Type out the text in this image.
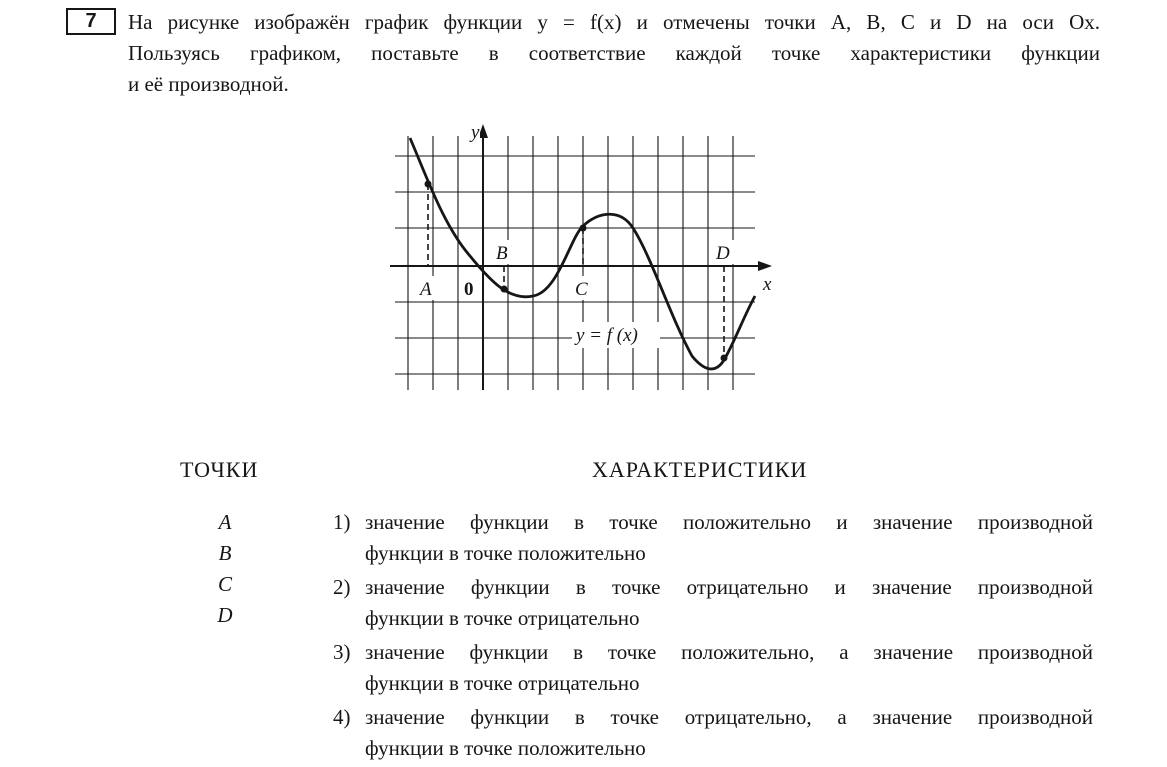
7	На рисунке изображён график функции y = f(x) и отмечены точки A, B, C и D на оси Ox.
Пользуясь графиком, поставьте в соответствие каждой точке характеристики функции
и её производной.
y
x
A 0
B
C
D
y = f (x)
ТОЧКИ	ХАРАКТЕРИСТИКИ
A
B
C
D
1) значение функции в точке положительно и значение производной
функции в точке положительно
2) значение функции в точке отрицательно и значение производной
функции в точке отрицательно
3) значение функции в точке положительно, а значение производной
функции в точке отрицательно
4) значение функции в точке отрицательно, а значение производной
функции в точке положительно
